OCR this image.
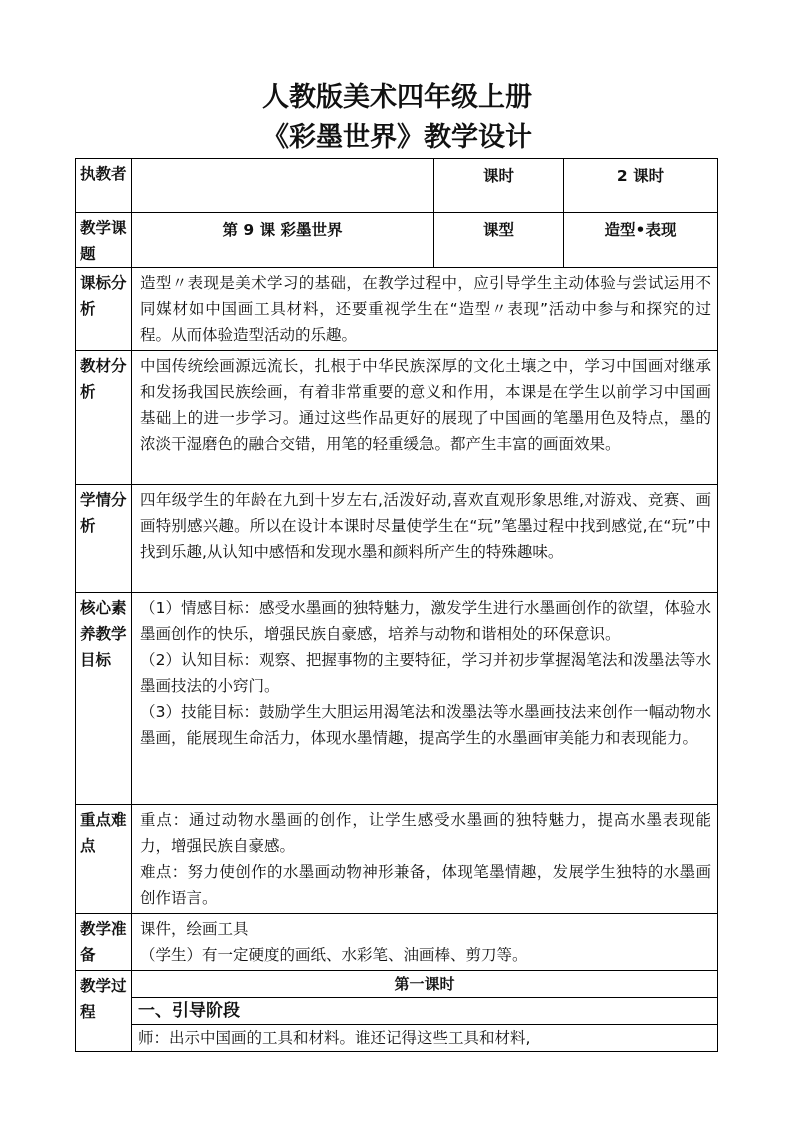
人教版美术四年级上册
《彩墨世界》教学设计
执教者		课时	2 课时
教学课题	第 9 课 彩墨世界	课型	造型•表现
课标分析	造型〃表现是美术学习的基础，在教学过程中，应引导学生主动体验与尝试运用不同媒材如中国画工具材料，还要重视学生在“造型〃表现”活动中参与和探究的过程。从而体验造型活动的乐趣。		
教材分析	中国传统绘画源远流长，扎根于中华民族深厚的文化土壤之中，学习中国画对继承和发扬我国民族绘画，有着非常重要的意义和作用，本课是在学生以前学习中国画基础上的进一步学习。通过这些作品更好的展现了中国画的笔墨用色及特点，墨的浓淡干湿磨色的融合交错，用笔的轻重缓急。都产生丰富的画面效果。		
学情分析	四年级学生的年龄在九到十岁左右,活泼好动,喜欢直观形象思维,对游戏、竞赛、画画特别感兴趣。所以在设计本课时尽量使学生在“玩”笔墨过程中找到感觉,在“玩”中找到乐趣,从认知中感悟和发现水墨和颜料所产生的特殊趣味。		
核心素养教学目标	（1）情感目标：感受水墨画的独特魅力，激发学生进行水墨画创作的欲望，体验水墨画创作的快乐，增强民族自豪感，培养与动物和谐相处的环保意识。

（2）认知目标：观察、把握事物的主要特征，学习并初步掌握渴笔法和泼墨法等水墨画技法的小窍门。

（3）技能目标：鼓励学生大胆运用渴笔法和泼墨法等水墨画技法来创作一幅动物水墨画，能展现生命活力，体现水墨情趣，提高学生的水墨画审美能力和表现能力。		

重点难点	重点：通过动物水墨画的创作，让学生感受水墨画的独特魅力，提高水墨表现能力，增强民族自豪感。

难点：努力使创作的水墨画动物神形兼备，体现笔墨情趣，发展学生独特的水墨画创作语言。		

教学准备	课件，绘画工具

（学生）有一定硬度的画纸、水彩笔、油画棒、剪刀等。		

教学过程	第一课时
一、引导阶段
师：出示中国画的工具和材料。谁还记得这些工具和材料,		
